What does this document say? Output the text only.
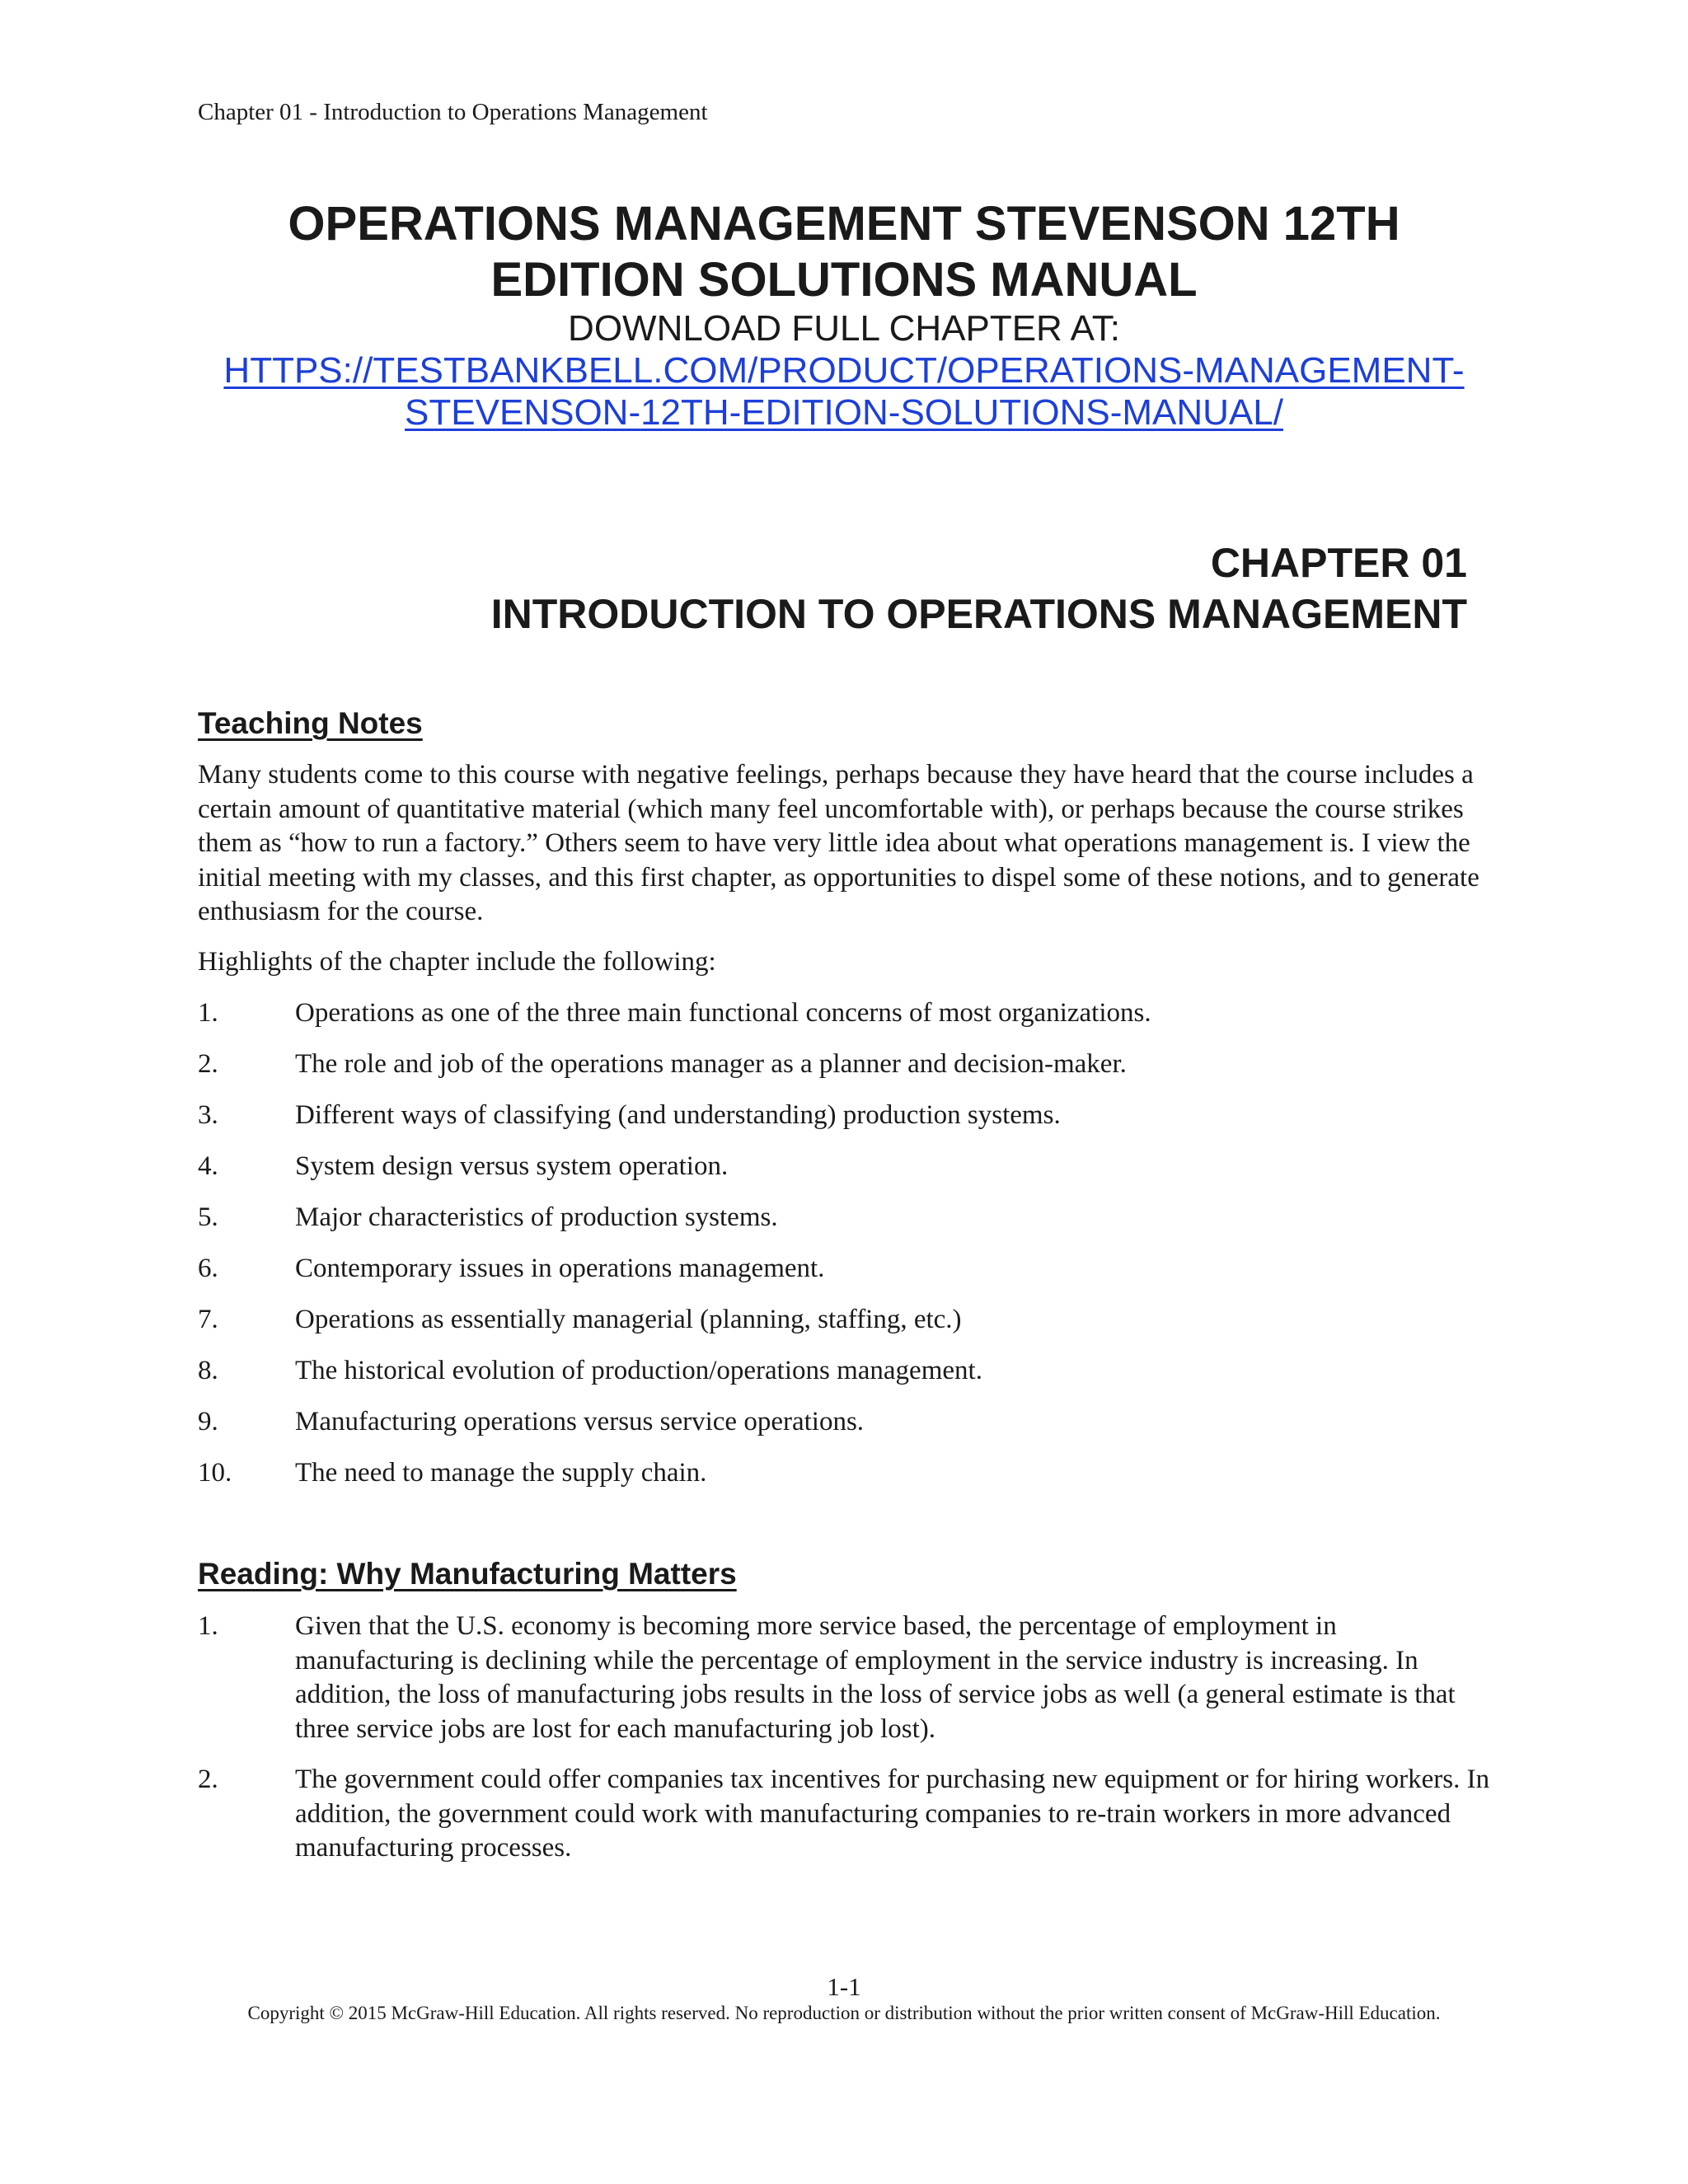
Chapter 01 - Introduction to Operations Management

OPERATIONS MANAGEMENT STEVENSON 12TH

EDITION SOLUTIONS MANUAL

DOWNLOAD FULL CHAPTER AT:

HTTPS://TESTBANKBELL.COM/PRODUCT/OPERATIONS-MANAGEMENT-STEVENSON-12TH-EDITION-SOLUTIONS-MANUAL/

CHAPTER 01

INTRODUCTION TO OPERATIONS MANAGEMENT

Teaching Notes

Many students come to this course with negative feelings, perhaps because they have heard that the course includes a certain amount of quantitative material (which many feel uncomfortable with), or perhaps because the course strikes them as “how to run a factory.” Others seem to have very little idea about what operations management is. I view the initial meeting with my classes, and this first chapter, as opportunities to dispel some of these notions, and to generate enthusiasm for the course.

Highlights of the chapter include the following:

1.	Operations as one of the three main functional concerns of most organizations.
2.	The role and job of the operations manager as a planner and decision-maker.
3.	Different ways of classifying (and understanding) production systems.
4.	System design versus system operation.
5.	Major characteristics of production systems.
6.	Contemporary issues in operations management.
7.	Operations as essentially managerial (planning, staffing, etc.)
8.	The historical evolution of production/operations management.
9.	Manufacturing operations versus service operations.
10.	The need to manage the supply chain.
Reading: Why Manufacturing Matters
1.	Given that the U.S. economy is becoming more service based, the percentage of employment in manufacturing is declining while the percentage of employment in the service industry is increasing. In addition, the loss of manufacturing jobs results in the loss of service jobs as well (a general estimate is that three service jobs are lost for each manufacturing job lost).
2.	The government could offer companies tax incentives for purchasing new equipment or for hiring workers. In addition, the government could work with manufacturing companies to re-train workers in more advanced manufacturing processes.
1-1
Copyright © 2015 McGraw-Hill Education. All rights reserved. No reproduction or distribution without the prior written consent of McGraw-Hill Education.
